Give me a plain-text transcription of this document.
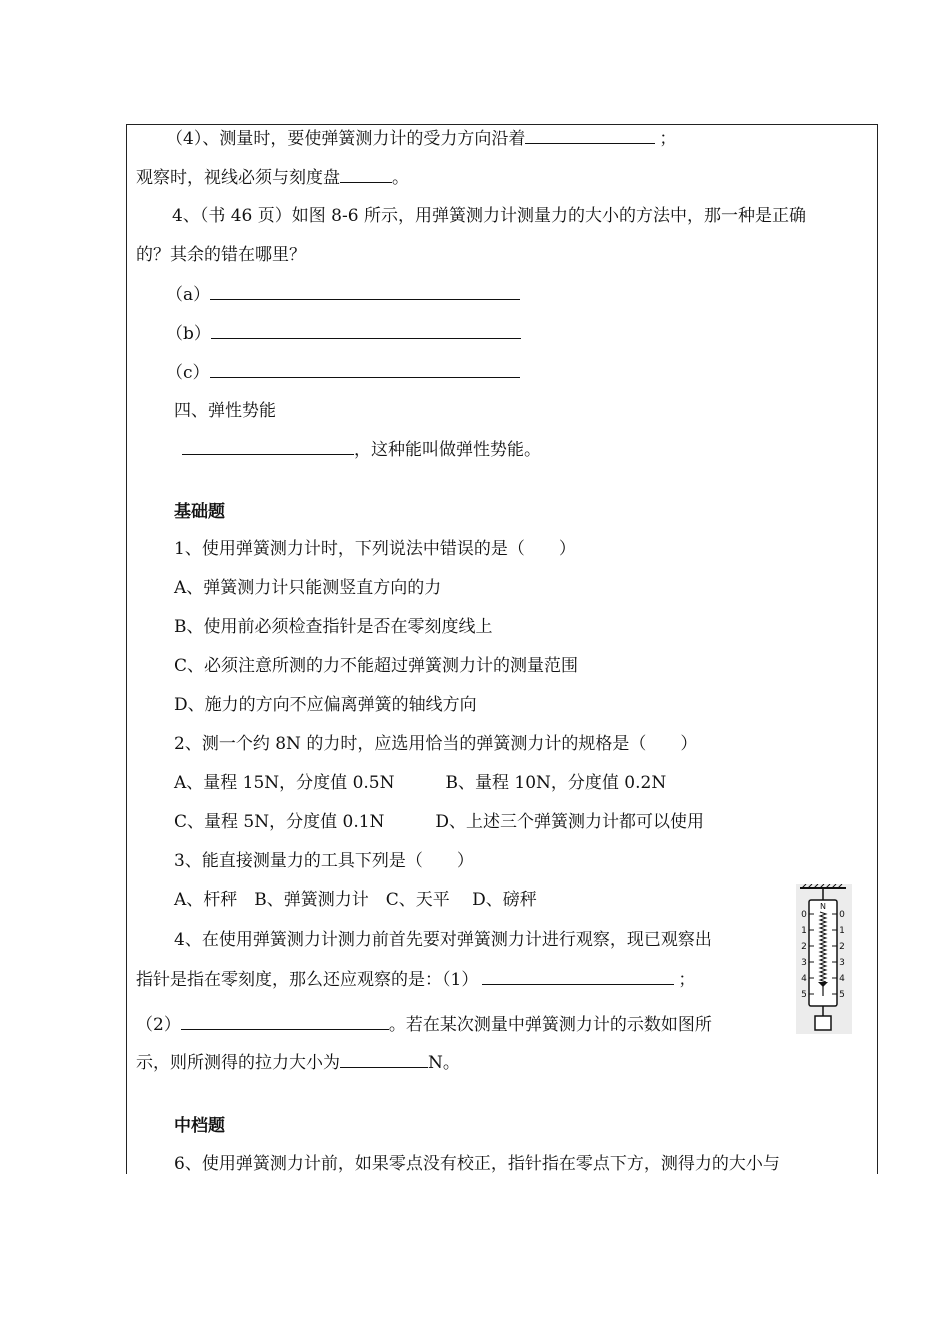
（4）、测量时，要使弹簧测力计的受力方向沿着	；
观察时，视线必须与刻度盘	。
4、（书 46 页）如图 8-6 所示，用弹簧测力计测量力的大小的方法中，那一种是正确
的？其余的错在哪里？
（a）
（b）
（c）
四、弹性势能
，这种能叫做弹性势能。
基础题
1、使用弹簧测力计时，下列说法中错误的是（　　）
A、弹簧测力计只能测竖直方向的力
B、使用前必须检查指针是否在零刻度线上
C、必须注意所测的力不能超过弹簧测力计的测量范围
D、施力的方向不应偏离弹簧的轴线方向
2、测一个约 8N 的力时，应选用恰当的弹簧测力计的规格是（　　）
A、量程 15N，分度值 0.5N　　　B、量程 10N，分度值 0.2N
C、量程 5N，分度值 0.1N　　　D、上述三个弹簧测力计都可以使用
3、能直接测量力的工具下列是（　　）
A、杆秤　B、弹簧测力计　C、天平　 D、磅秤
4、在使用弹簧测力计测力前首先要对弹簧测力计进行观察，现已观察出
指针是指在零刻度，那么还应观察的是：（1）	；
（2）	。若在某次测量中弹簧测力计的示数如图所
示，则所测得的拉力大小为	N。
中档题
6、使用弹簧测力计前，如果零点没有校正，指针指在零点下方，测得力的大小与
N
0	0
1	1
2	2
3	3
4	4
5	5
